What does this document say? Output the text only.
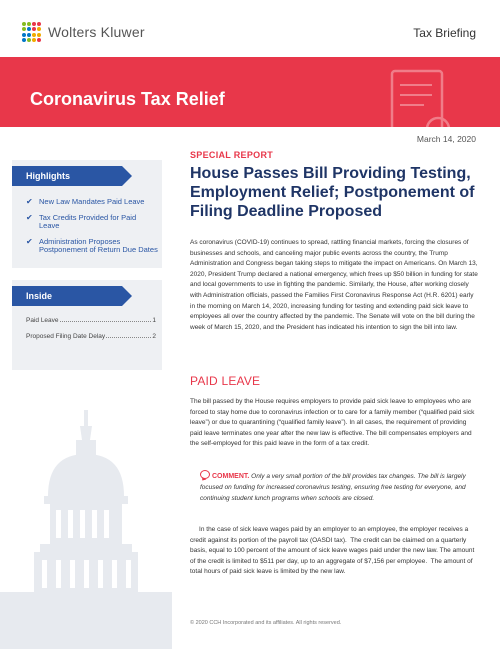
Wolters Kluwer	Tax Briefing
Coronavirus Tax Relief
March 14, 2020
Highlights
✔ New Law Mandates Paid Leave
✔ Tax Credits Provided for Paid Leave
✔ Administration Proposes Postponement of Return Due Dates
Inside
Paid Leave	1
Proposed Filing Date Delay	2
SPECIAL REPORT
House Passes Bill Providing Testing, Employment Relief; Postponement of Filing Deadline Proposed

As coronavirus (COVID-19) continues to spread, rattling financial markets, forcing the closures of businesses and schools, and canceling major public events across the country, the Trump Administration and Congress began taking steps to mitigate the impact on Americans. On March 13, 2020, President Trump declared a national emergency, which frees up $50 billion in funding for state and local governments to use in fighting the pandemic. Similarly, the House, after working closely with Administration officials, passed the Families First Coronavirus Response Act (H.R. 6201) early in the morning on March 14, 2020, increasing funding for testing and extending paid sick leave to employees all over the country affected by the pandemic. The Senate will vote on the bill during the week of March 15, 2020, and the President has indicated his intention to sign the bill into law.

PAID LEAVE

The bill passed by the House requires employers to provide paid sick leave to employees who are forced to stay home due to coronavirus infection or to care for a family member (“qualified paid sick leave”) or due to quarantining (“qualified family leave”). In all cases, the requirement of providing paid leave terminates one year after the new law is effective. The bill compensates employers and the self-employed for this paid leave in the form of a tax credit.

COMMENT. Only a very small portion of the bill provides tax changes. The bill is largely focused on funding for increased coronavirus testing, ensuring free testing for everyone, and continuing student lunch programs when schools are closed.

In the case of sick leave wages paid by an employer to an employee, the employer receives a credit against its portion of the payroll tax (OASDI tax).  The credit can be claimed on a quarterly basis, equal to 100 percent of the amount of sick leave wages paid under the new law. The amount of the credit is limited to $511 per day, up to an aggregate of $7,156 per employee.  The amount of total hours of paid sick leave is limited by the new law.

© 2020 CCH Incorporated and its affiliates. All rights reserved.
